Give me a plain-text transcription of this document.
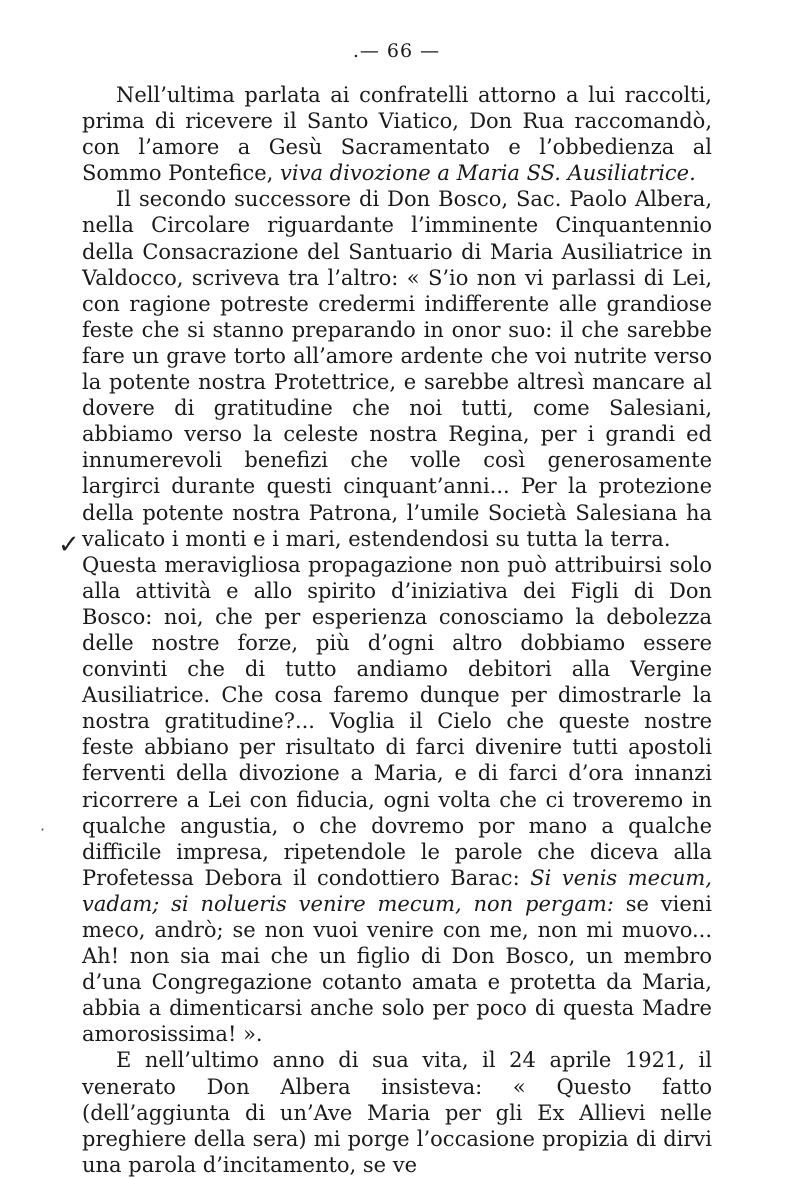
.— 66 —
✓
·

Nell’ultima parlata ai confratelli attorno a lui raccolti, prima di ricevere il Santo Viatico, Don Rua raccomandò, con l’amore a Gesù Sacramentato e l’obbedienza al Sommo Pontefice, viva divozione a Maria SS. Ausiliatrice.

Il secondo successore di Don Bosco, Sac. Paolo Albera, nella Circolare riguardante l’imminente Cinquantennio della Consacrazione del Santuario di Maria Ausiliatrice in Valdocco, scriveva tra l’altro: « S’io non vi parlassi di Lei, con ragione potreste credermi indifferente alle grandiose feste che si stanno preparando in onor suo: il che sarebbe fare un grave torto all’amore ardente che voi nutrite verso la potente nostra Protettrice, e sarebbe altresì mancare al dovere di gratitudine che noi tutti, come Salesiani, abbiamo verso la celeste nostra Regina, per i grandi ed innumerevoli benefizi che volle così generosamente largirci durante questi cinquant’anni... Per la protezione della potente nostra Patrona, l’umile Società Salesiana ha valicato i monti e i mari, estendendosi su tutta la terra.

Questa meravigliosa propagazione non può attribuirsi solo alla attività e allo spirito d’iniziativa dei Figli di Don Bosco: noi, che per esperienza conosciamo la debolezza delle nostre forze, più d’ogni altro dobbiamo essere convinti che di tutto andiamo debitori alla Vergine Ausiliatrice. Che cosa faremo dunque per dimostrarle la nostra gratitudine?... Voglia il Cielo che queste nostre feste abbiano per risultato di farci divenire tutti apostoli ferventi della divozione a Maria, e di farci d’ora innanzi ricorrere a Lei con fiducia, ogni volta che ci troveremo in qualche angustia, o che dovremo por mano a qualche difficile impresa, ripetendole le parole che diceva alla Profetessa Debora il condottiero Barac: Si venis mecum, vadam; si nolueris venire mecum, non pergam: se vieni meco, andrò; se non vuoi venire con me, non mi muovo... Ah! non sia mai che un figlio di Don Bosco, un membro d’una Congregazione cotanto amata e protetta da Maria, abbia a dimenticarsi anche solo per poco di questa Madre amorosissima! ».

E nell’ultimo anno di sua vita, il 24 aprile 1921, il venerato Don Albera insisteva: « Questo fatto (dell’aggiunta di un’Ave Maria per gli Ex Allievi nelle preghiere della sera) mi porge l’occasione propizia di dirvi una parola d’incitamento, se ve
